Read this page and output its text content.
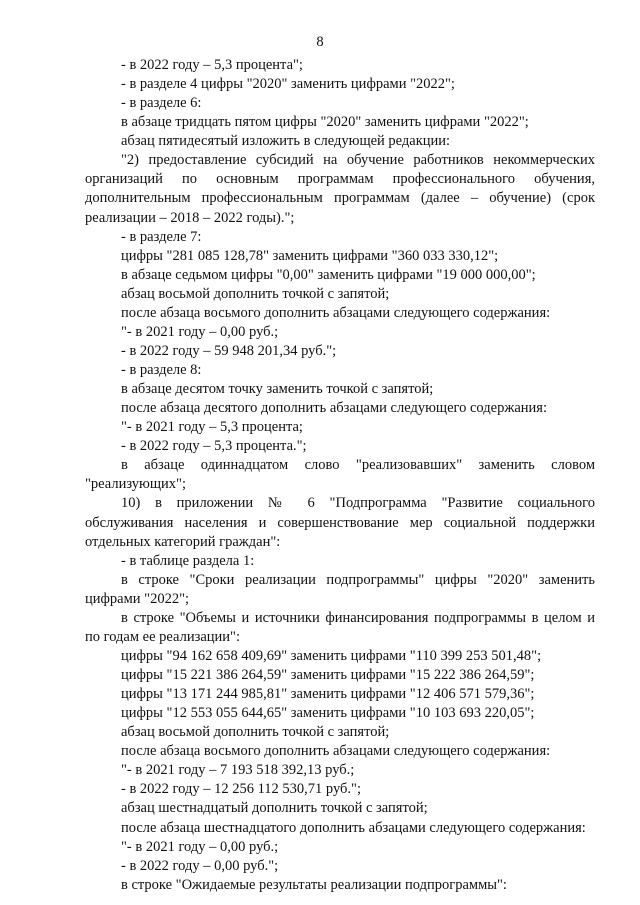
8

- в 2022 году – 5,3 процента";

- в разделе 4 цифры "2020" заменить цифрами "2022";

- в разделе 6:

в абзаце тридцать пятом цифры "2020" заменить цифрами "2022";

абзац пятидесятый изложить в следующей редакции:

"2) предоставление субсидий на обучение работников некоммерческих организаций по основным программам профессионального обучения, дополнительным профессиональным программам (далее – обучение) (срок реализации – 2018 – 2022 годы).";

- в разделе 7:

цифры "281 085 128,78" заменить цифрами "360 033 330,12";

в абзаце седьмом цифры "0,00" заменить цифрами "19 000 000,00";

абзац восьмой дополнить точкой с запятой;

после абзаца восьмого дополнить абзацами следующего содержания:

"- в 2021 году – 0,00 руб.;

- в 2022 году – 59 948 201,34 руб.";

- в разделе 8:

в абзаце десятом точку заменить точкой с запятой;

после абзаца десятого дополнить абзацами следующего содержания:

"- в 2021 году – 5,3 процента;

- в 2022 году – 5,3 процента.";

в абзаце одиннадцатом слово "реализовавших" заменить словом "реализующих";

10) в приложении № 6 "Подпрограмма "Развитие социального обслуживания населения и совершенствование мер социальной поддержки отдельных категорий граждан":

- в таблице раздела 1:

в строке "Сроки реализации подпрограммы" цифры "2020" заменить цифрами "2022";

в строке "Объемы и источники финансирования подпрограммы в целом и по годам ее реализации":

цифры "94 162 658 409,69" заменить цифрами "110 399 253 501,48";

цифры "15 221 386 264,59" заменить цифрами "15 222 386 264,59";

цифры "13 171 244 985,81" заменить цифрами "12 406 571 579,36";

цифры "12 553 055 644,65" заменить цифрами "10 103 693 220,05";

абзац восьмой дополнить точкой с запятой;

после абзаца восьмого дополнить абзацами следующего содержания:

"- в 2021 году – 7 193 518 392,13 руб.;

- в 2022 году – 12 256 112 530,71 руб.";

абзац шестнадцатый дополнить точкой с запятой;

после абзаца шестнадцатого дополнить абзацами следующего содержания:

"- в 2021 году – 0,00 руб.;

- в 2022 году – 0,00 руб.";

в строке "Ожидаемые результаты реализации подпрограммы":
